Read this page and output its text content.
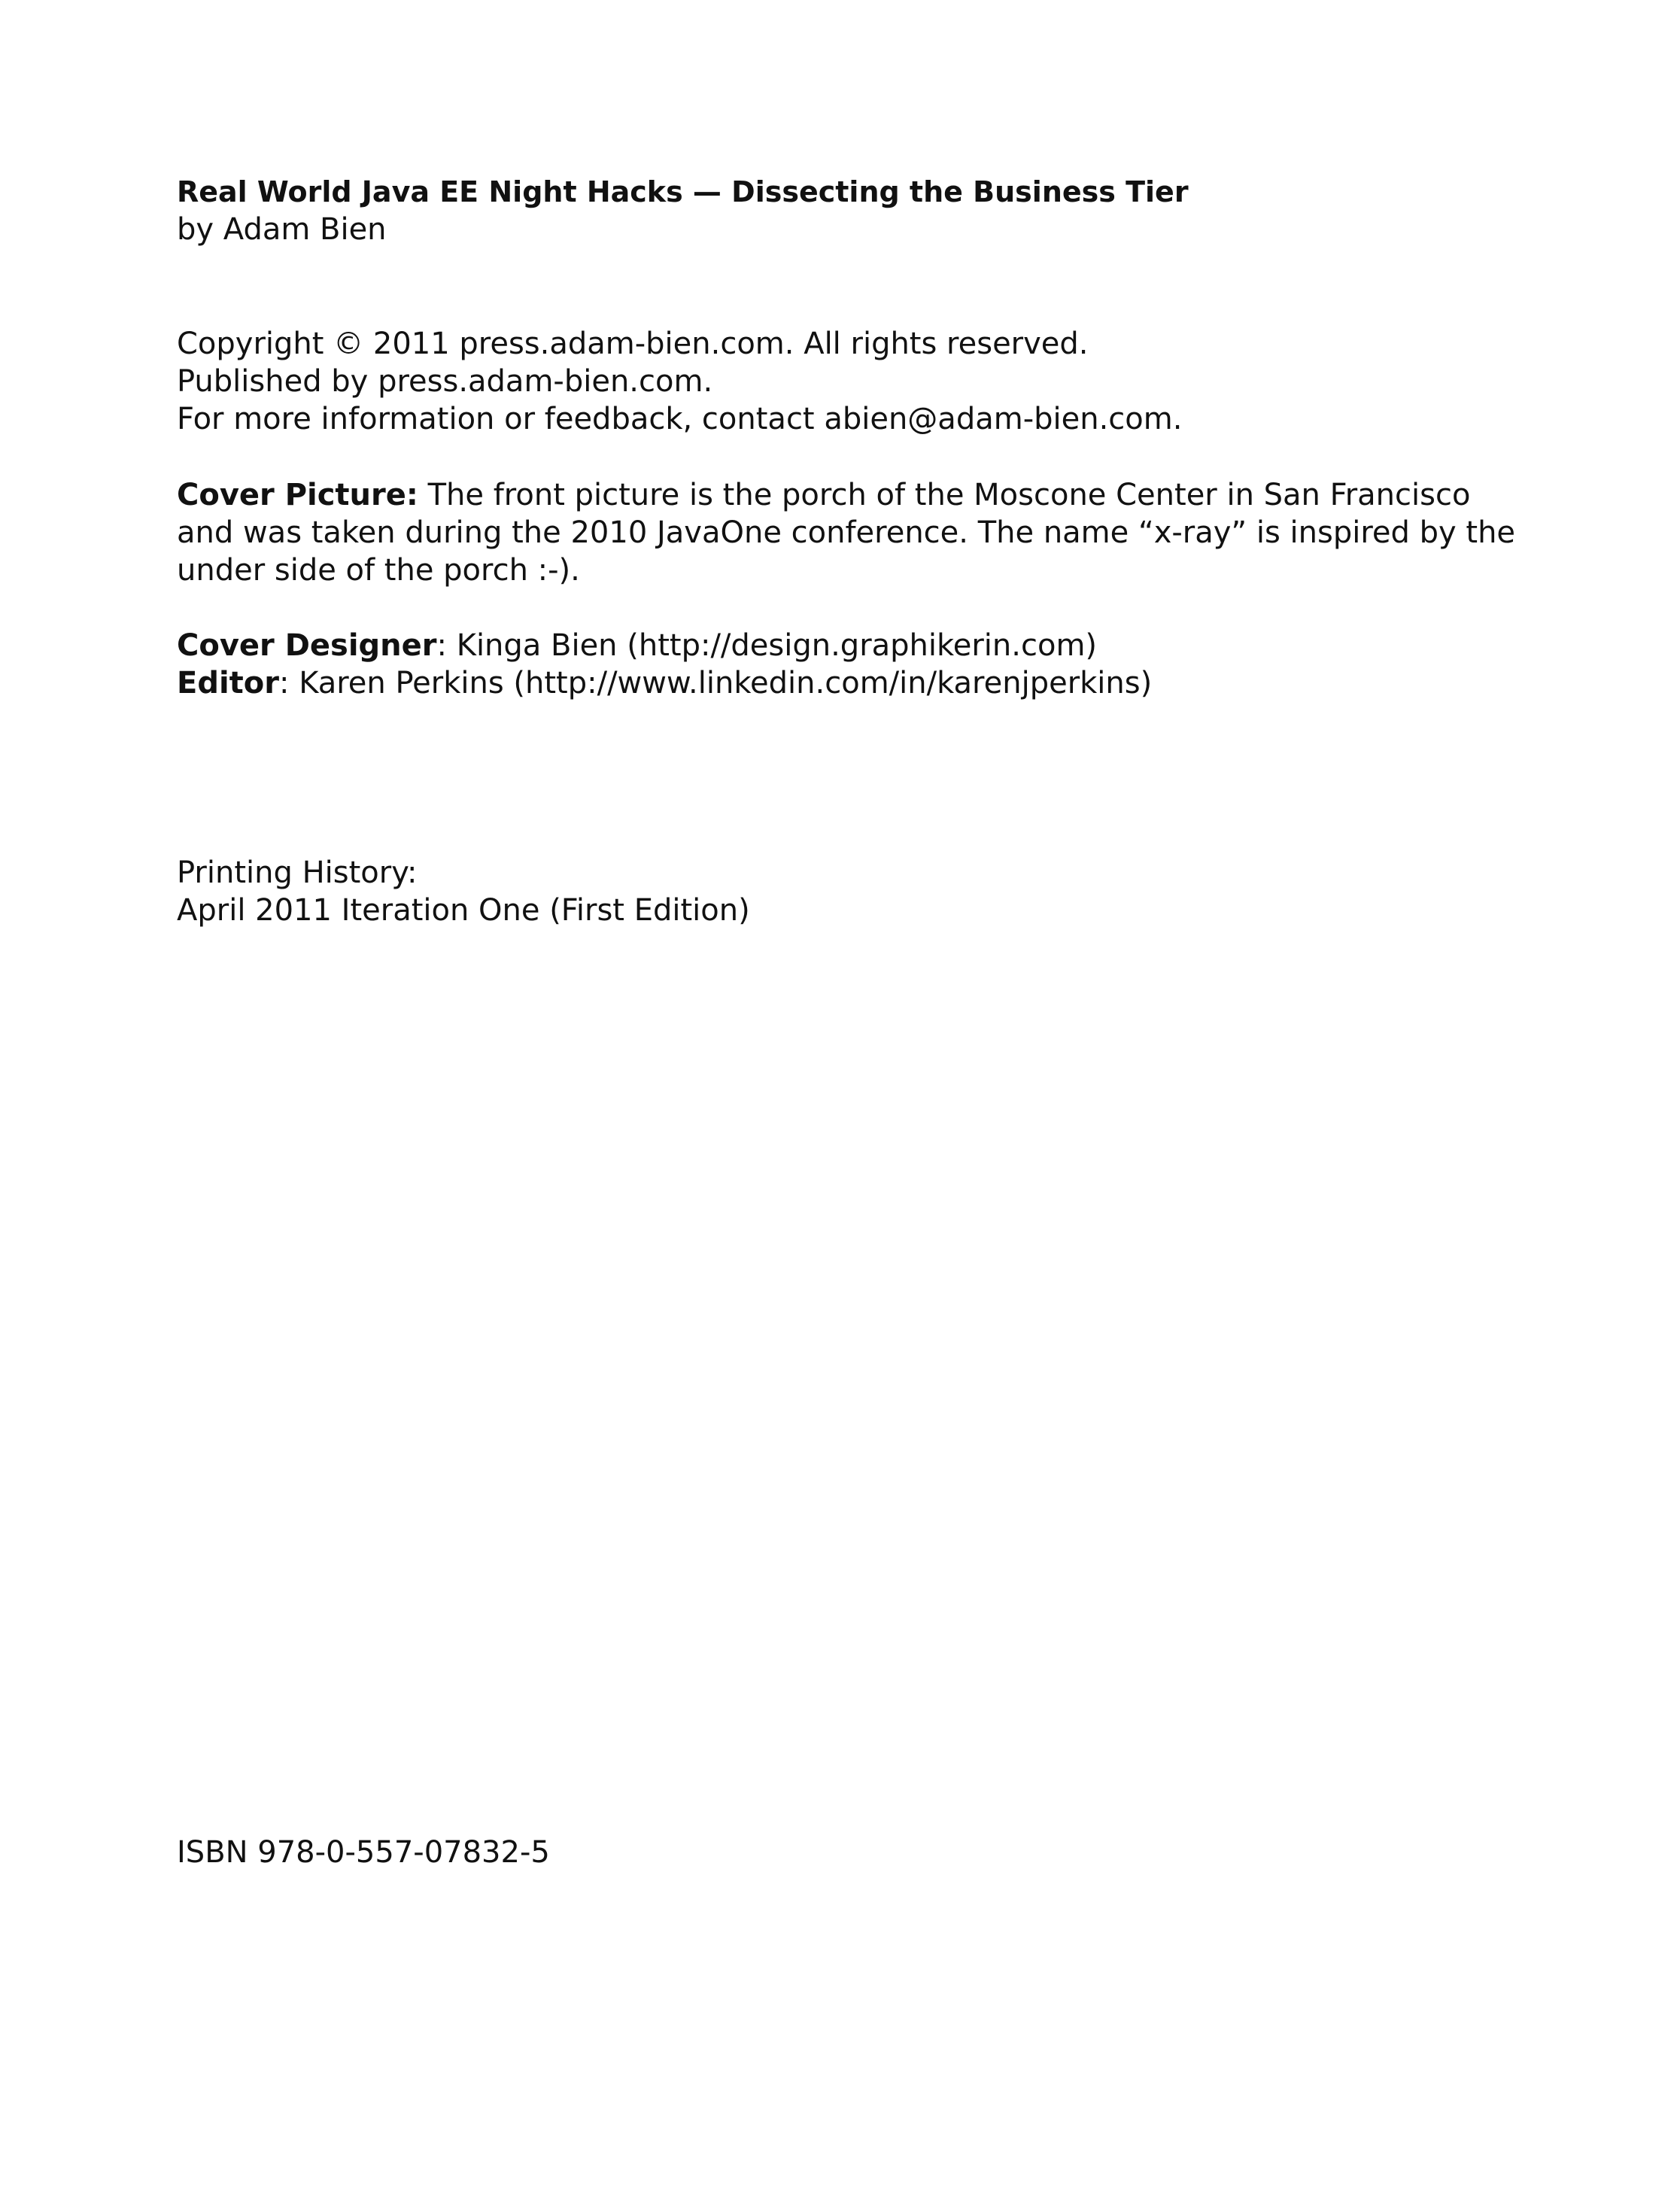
Real World Java EE Night Hacks — Dissecting the Business Tier
by Adam Bien
Copyright © 2011 press.adam-bien.com. All rights reserved.
Published by press.adam-bien.com.
For more information or feedback, contact abien@adam-bien.com.
Cover Picture: The front picture is the porch of the Moscone Center in San Francisco and was taken during the 2010 JavaOne conference. The name “x-ray” is inspired by the under side of the porch :-).
Cover Designer: Kinga Bien (http://design.graphikerin.com)
Editor: Karen Perkins (http://www.linkedin.com/in/karenjperkins)
Printing History:
April 2011 Iteration One (First Edition)
ISBN 978-0-557-07832-5
